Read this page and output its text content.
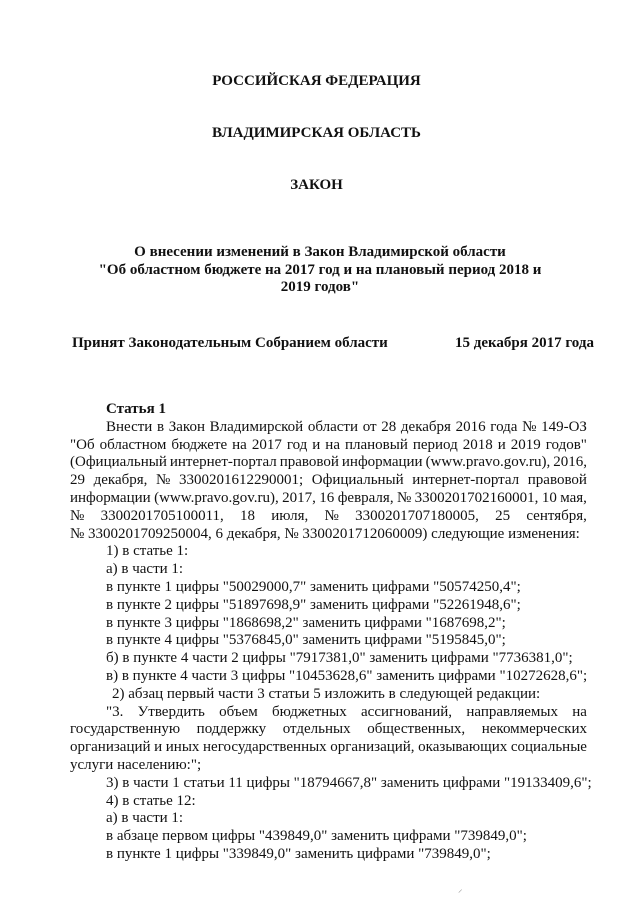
РОССИЙСКАЯ ФЕДЕРАЦИЯ
ВЛАДИМИРСКАЯ ОБЛАСТЬ
ЗАКОН
О внесении изменений в Закон Владимирской области
"Об областном бюджете на 2017 год и на плановый период 2018 и
2019 годов"
Принят Законодательным Собранием области	15 декабря 2017 года
Статья 1
Внести в Закон Владимирской области от 28 декабря 2016 года № 149-ОЗ
"Об областном бюджете на 2017 год и на плановый период 2018 и 2019 годов"
(Официальный интернет-портал правовой информации (www.pravo.gov.ru), 2016,
29 декабря, № 3300201612290001; Официальный интернет-портал правовой
информации (www.pravo.gov.ru), 2017, 16 февраля, № 3300201702160001, 10 мая,
№ 3300201705100011, 18 июля, № 3300201707180005, 25 сентября,
№ 3300201709250004, 6 декабря, № 3300201712060009) следующие изменения:
1) в статье 1:
а) в части 1:
в пункте 1 цифры "50029000,7" заменить цифрами "50574250,4";
в пункте 2 цифры "51897698,9" заменить цифрами "52261948,6";
в пункте 3 цифры "1868698,2" заменить цифрами "1687698,2";
в пункте 4 цифры "5376845,0" заменить цифрами "5195845,0";
б) в пункте 4 части 2 цифры "7917381,0" заменить цифрами "7736381,0";
в) в пункте 4 части 3 цифры "10453628,6" заменить цифрами "10272628,6";
2) абзац первый части 3 статьи 5 изложить в следующей редакции:
"3. Утвердить объем бюджетных ассигнований, направляемых на
государственную поддержку отдельных общественных, некоммерческих
организаций и иных негосударственных организаций, оказывающих социальные
услуги населению:";
3) в части 1 статьи 11 цифры "18794667,8" заменить цифрами "19133409,6";
4) в статье 12:
а) в части 1:
в абзаце первом цифры "439849,0" заменить цифрами "739849,0";
в пункте 1 цифры "339849,0" заменить цифрами "739849,0";
⸝
